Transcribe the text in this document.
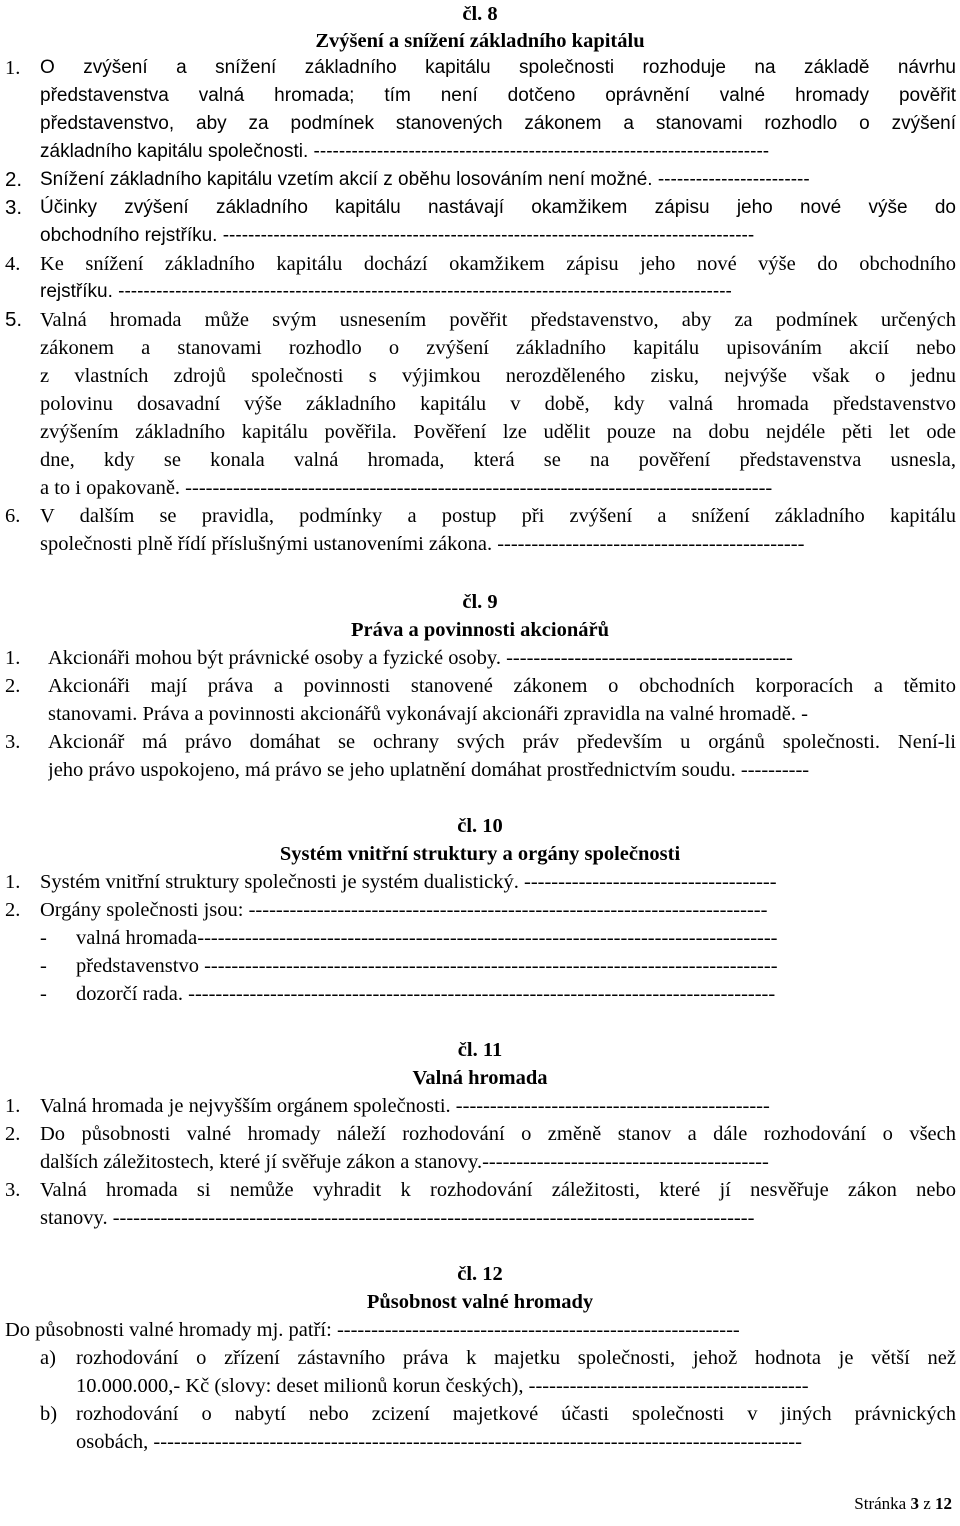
čl. 8
Zvýšení a snížení základního kapitálu
1. O zvýšení a snížení základního kapitálu společnosti rozhoduje na základě návrhu
představenstva valná hromada; tím není dotčeno oprávnění valné hromady pověřit
představenstvo, aby za podmínek stanovených zákonem a stanovami rozhodlo o zvýšení
základního kapitálu společnosti. ------------------------------------------------------------------------
2. Snížení základního kapitálu vzetím akcií z oběhu losováním není možné. ------------------------
3. Účinky zvýšení základního kapitálu nastávají okamžikem zápisu jeho nové výše do
obchodního rejstříku. ------------------------------------------------------------------------------------
4. Ke snížení základního kapitálu dochází okamžikem zápisu jeho nové výše do obchodního
rejstříku. -------------------------------------------------------------------------------------------------
5. Valná hromada může svým usnesením pověřit představenstvo, aby za podmínek určených
zákonem a stanovami rozhodlo o zvýšení základního kapitálu upisováním akcií nebo
z vlastních zdrojů společnosti s výjimkou nerozděleného zisku, nejvýše však o jednu
polovinu dosavadní výše základního kapitálu v době, kdy valná hromada představenstvo
zvýšením základního kapitálu pověřila. Pověření lze udělit pouze na dobu nejdéle pěti let ode
dne, kdy se konala valná hromada, která se na pověření představenstva usnesla,
a to i opakovaně. --------------------------------------------------------------------------------------
6. V dalším se pravidla, podmínky a postup při zvýšení a snížení základního kapitálu
společnosti plně řídí příslušnými ustanoveními zákona. ---------------------------------------------
čl. 9
Práva a povinnosti akcionářů
1. Akcionáři mohou být právnické osoby a fyzické osoby. ------------------------------------------
2. Akcionáři mají práva a povinnosti stanovené zákonem o obchodních korporacích a těmito
stanovami. Práva a povinnosti akcionářů vykonávají akcionáři zpravidla na valné hromadě. -
3. Akcionář má právo domáhat se ochrany svých práv především u orgánů společnosti. Není-li
jeho právo uspokojeno, má právo se jeho uplatnění domáhat prostřednictvím soudu. ----------
čl. 10
Systém vnitřní struktury a orgány společnosti
1. Systém vnitřní struktury společnosti je systém dualistický. -------------------------------------
2. Orgány společnosti jsou: ----------------------------------------------------------------------------
- valná hromada-------------------------------------------------------------------------------------
- představenstvo ------------------------------------------------------------------------------------
- dozorčí rada. --------------------------------------------------------------------------------------
čl. 11
Valná hromada
1. Valná hromada je nejvyšším orgánem společnosti. ----------------------------------------------
2. Do působnosti valné hromady náleží rozhodování o změně stanov a dále rozhodování o všech
dalších záležitostech, které jí svěřuje zákon a stanovy.------------------------------------------
3. Valná hromada si nemůže vyhradit k rozhodování záležitosti, které jí nesvěřuje zákon nebo
stanovy. ----------------------------------------------------------------------------------------------
čl. 12
Působnost valné hromady
Do působnosti valné hromady mj. patří: -----------------------------------------------------------
a) rozhodování o zřízení zástavního práva k majetku společnosti, jehož hodnota je větší než
10.000.000,- Kč (slovy: deset milionů korun českých), -----------------------------------------
b) rozhodování o nabytí nebo zcizení majetkové účasti společnosti v jiných právnických
osobách, -----------------------------------------------------------------------------------------------
Stránka 3 z 12
